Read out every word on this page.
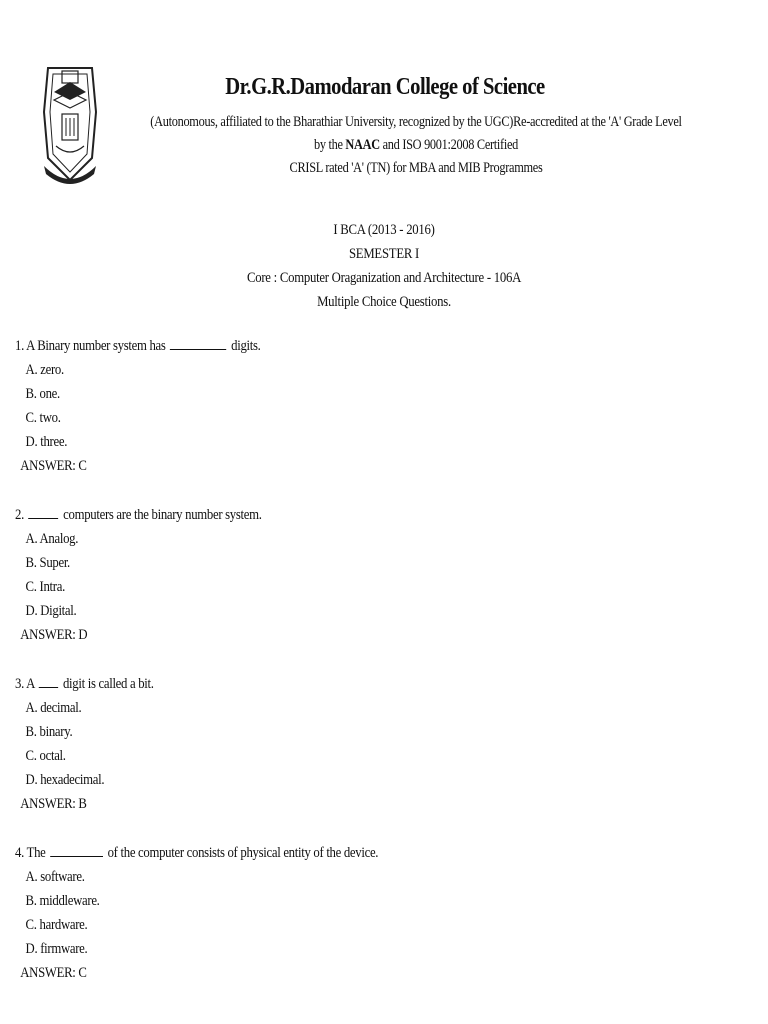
Dr.G.R.Damodaran College of Science
(Autonomous, affiliated to the Bharathiar University, recognized by the UGC)Re-accredited at the 'A' Grade Level by the NAAC and ISO 9001:2008 Certified
CRISL rated 'A' (TN) for MBA and MIB Programmes
I BCA (2013 - 2016)
SEMESTER I
Core : Computer Oraganization and Architecture - 106A
Multiple Choice Questions.
1. A Binary number system has	digits.
A. zero.
B. one.
C. two.
D. three.
ANSWER: C
2.  computers are the binary number system.
A. Analog.
B. Super.
C. Intra.
D. Digital.
ANSWER: D
3. A  digit is called a bit.
A. decimal.
B. binary.
C. octal.
D. hexadecimal.
ANSWER: B
4. The	of the computer consists of physical entity of the device.
A. software.
B. middleware.
C. hardware.
D. firmware.
ANSWER: C
